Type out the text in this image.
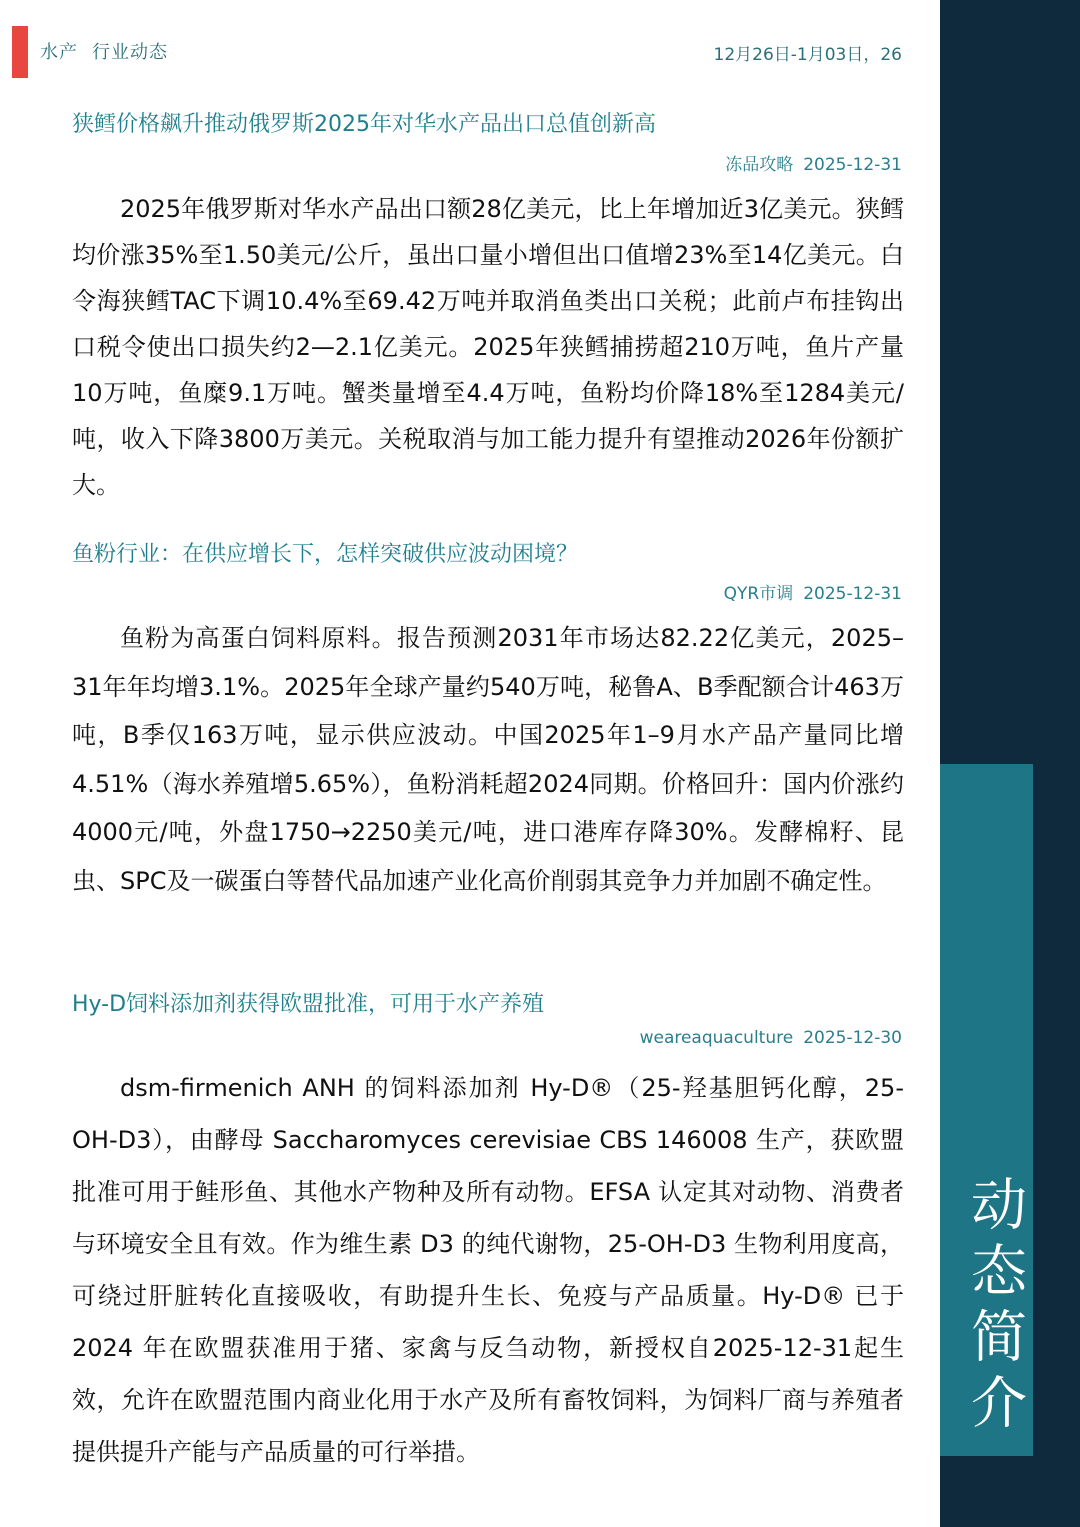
水产 行业动态	12月26日-1月03日，26
动态简介
狭鳕价格飙升推动俄罗斯2025年对华水产品出口总值创新高
冻品攻略 2025-12-31

2025年俄罗斯对华水产品出口额28亿美元，比上年增加近3亿美元。狭鳕均价涨35%至1.50美元/公斤，虽出口量小增但出口值增23%至14亿美元。白令海狭鳕TAC下调10.4%至69.42万吨并取消鱼类出口关税；此前卢布挂钩出口税令使出口损失约2—2.1亿美元。2025年狭鳕捕捞超210万吨，鱼片产量10万吨，鱼糜9.1万吨。蟹类量增至4.4万吨，鱼粉均价降18%至1284美元/吨，收入下降3800万美元。关税取消与加工能力提升有望推动2026年份额扩大。

鱼粉行业：在供应增长下，怎样突破供应波动困境？
QYR市调 2025-12-31

鱼粉为高蛋白饲料原料。报告预测2031年市场达82.22亿美元，2025–31年年均增3.1%。2025年全球产量约540万吨，秘鲁A、B季配额合计463万吨，B季仅163万吨，显示供应波动。中国2025年1–9月水产品产量同比增4.51%（海水养殖增5.65%），鱼粉消耗超2024同期。价格回升：国内价涨约4000元/吨，外盘1750→2250美元/吨，进口港库存降30%。发酵棉籽、昆虫、SPC及一碳蛋白等替代品加速产业化高价削弱其竞争力并加剧不确定性。

Hy-D饲料添加剂获得欧盟批准，可用于水产养殖
weareaquaculture 2025-12-30

dsm-firmenich ANH 的饲料添加剂 Hy-D®（25-羟基胆钙化醇，25-OH-D3），由酵母 Saccharomyces cerevisiae CBS 146008 生产，获欧盟批准可用于鲑形鱼、其他水产物种及所有动物。EFSA 认定其对动物、消费者与环境安全且有效。作为维生素 D3 的纯代谢物，25-OH-D3 生物利用度高，可绕过肝脏转化直接吸收，有助提升生长、免疫与产品质量。Hy-D® 已于 2024 年在欧盟获准用于猪、家禽与反刍动物，新授权自2025-12-31起生效，允许在欧盟范围内商业化用于水产及所有畜牧饲料，为饲料厂商与养殖者提供提升产能与产品质量的可行举措。
